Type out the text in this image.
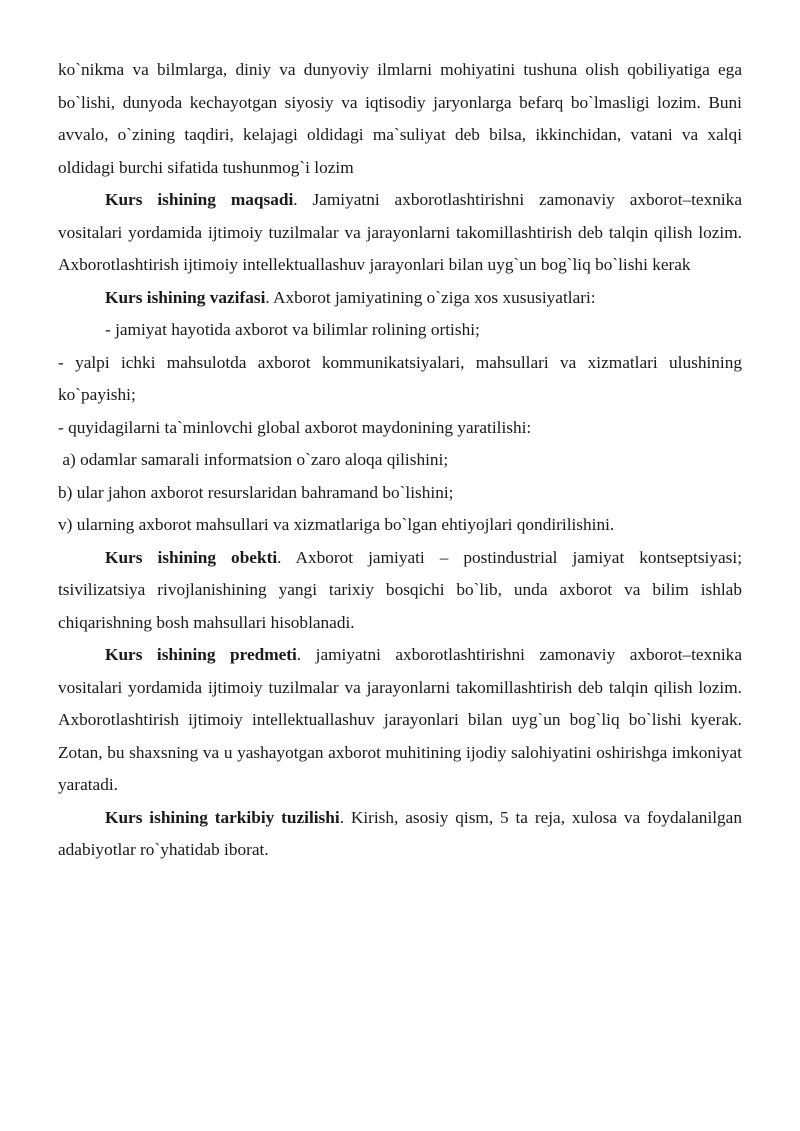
ko`nikma va bilmlarga, diniy va dunyoviy ilmlarni mohiyatini tushuna olish qobiliyatiga ega bo`lishi, dunyoda kechayotgan siyosiy va iqtisodiy jaryonlarga befarq bo`lmasligi lozim. Buni avvalo, o`zining taqdiri, kelajagi oldidagi ma`suliyat deb bilsa, ikkinchidan, vatani va xalqi oldidagi burchi sifatida tushunmog`i lozim

Kurs ishining maqsadi. Jamiyatni axborotlashtirishni zamonaviy axborot–texnika vositalari yordamida ijtimoiy tuzilmalar va jarayonlarni takomillashtirish deb talqin qilish lozim. Axborotlashtirish ijtimoiy intellektuallashuv jarayonlari bilan uyg`un bog`liq bo`lishi kerak

Kurs ishining vazifasi. Axborot jamiyatining o`ziga xos xususiyatlari:

- jamiyat hayotida axborot va bilimlar rolining ortishi;

- yalpi ichki mahsulotda axborot kommunikatsiyalari, mahsullari va xizmatlari ulushining ko`payishi;

- quyidagilarni ta`minlovchi global axborot maydonining yaratilishi:

a) odamlar samarali informatsion o`zaro aloqa qilishini;

b) ular jahon axborot resurslaridan bahramand bo`lishini;

v) ularning axborot mahsullari va xizmatlariga bo`lgan ehtiyojlari qondirilishini.

Kurs ishining obekti. Axborot jamiyati – postindustrial jamiyat kontseptsiyasi; tsivilizatsiya rivojlanishining yangi tarixiy bosqichi bo`lib, unda axborot va bilim ishlab chiqarishning bosh mahsullari hisoblanadi.

Kurs ishining predmeti. jamiyatni axborotlashtirishni zamonaviy axborot–texnika vositalari yordamida ijtimoiy tuzilmalar va jarayonlarni takomillashtirish deb talqin qilish lozim. Axborotlashtirish ijtimoiy intellektuallashuv jarayonlari bilan uyg`un bog`liq bo`lishi kyerak. Zotan, bu shaxsning va u yashayotgan axborot muhitining ijodiy salohiyatini oshirishga imkoniyat yaratadi.

Kurs ishining tarkibiy tuzilishi. Kirish, asosiy qism, 5 ta reja, xulosa va foydalanilgan adabiyotlar ro`yhatidab iborat.
